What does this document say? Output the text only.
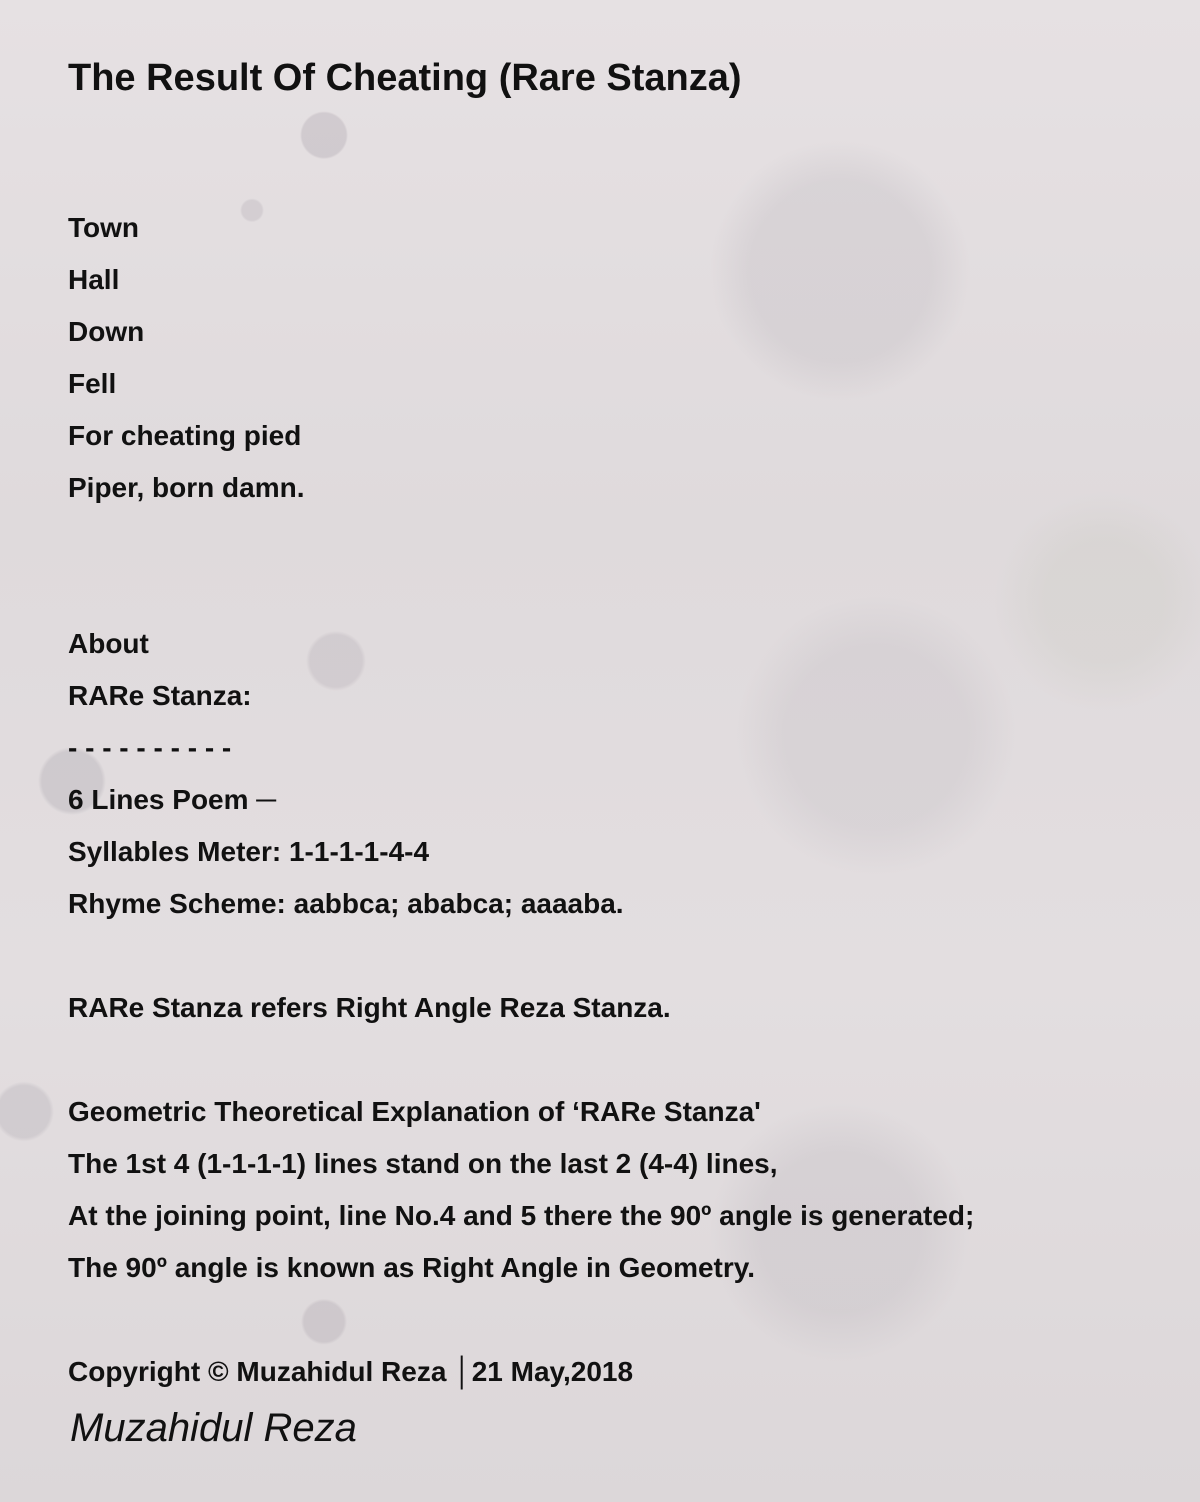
The Result Of Cheating (Rare Stanza)
Town
Hall
Down
Fell
For cheating pied
Piper, born damn.
About
RARe Stanza:
- - - - - - - - - -
6 Lines Poem ─
Syllables Meter: 1-1-1-1-4-4
Rhyme Scheme: aabbca; ababca; aaaaba.
RARe Stanza refers Right Angle Reza Stanza.
Geometric Theoretical Explanation of ‘RARe Stanza'
The 1st 4 (1-1-1-1) lines stand on the last 2 (4-4) lines,
At the joining point, line No.4 and 5 there the 90º angle is generated;
The 90º angle is known as Right Angle in Geometry.
Copyright © Muzahidul Reza │21 May,2018
Muzahidul Reza
